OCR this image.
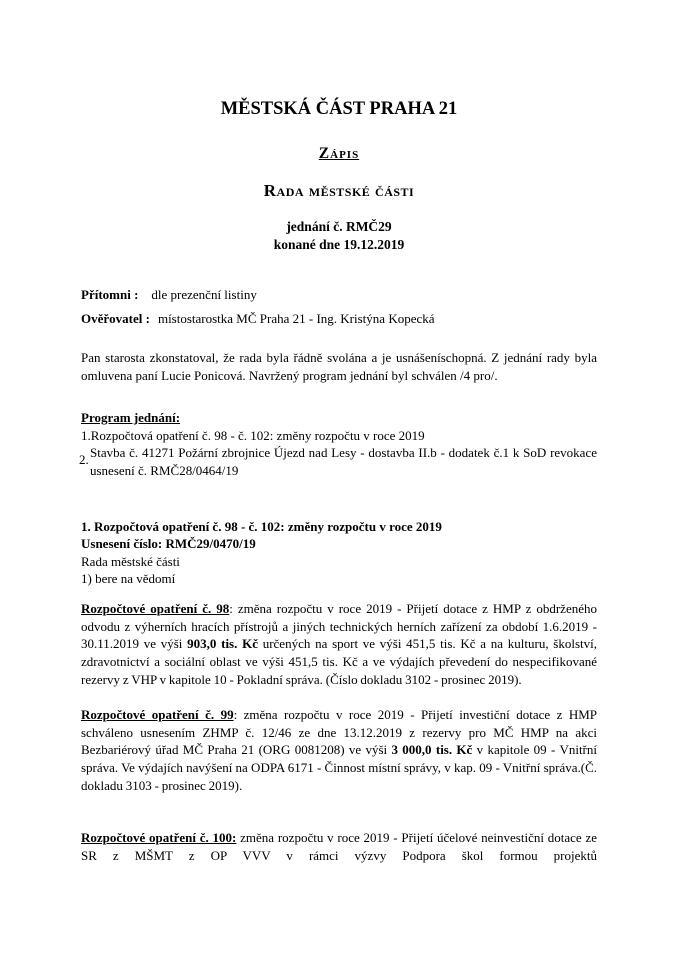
MĚSTSKÁ ČÁST PRAHA 21
Zápis
Rada městské části
jednání č. RMČ29
konané dne 19.12.2019
Přítomni : dle prezenční listiny
Ověřovatel : místostarostka MČ Praha 21 - Ing. Kristýna Kopecká

Pan starosta zkonstatoval, že rada byla řádně svolána a je usnášeníschopná. Z jednání rady byla omluvena paní Lucie Ponicová. Navržený program jednání byl schválen /4 pro/.

Program jednání:
1.Rozpočtová opatření č. 98 - č. 102: změny rozpočtu v roce 2019
2. Stavba č. 41271 Požární zbrojnice Újezd nad Lesy - dostavba II.b - dodatek č.1 k SoD revokace usnesení č. RMČ28/0464/19
1. Rozpočtová opatření č. 98 - č. 102: změny rozpočtu v roce 2019
Usnesení číslo: RMČ29/0470/19
Rada městské části
1) bere na vědomí

Rozpočtové opatření č. 98: změna rozpočtu v roce 2019 - Přijetí dotace z HMP z obdrženého odvodu z výherních hracích přístrojů a jiných technických herních zařízení za období 1.6.2019 - 30.11.2019 ve výši 903,0 tis. Kč určených na sport ve výši 451,5 tis. Kč a na kulturu, školství, zdravotnictví a sociální oblast ve výši 451,5 tis. Kč a ve výdajích převedení do nespecifikované rezervy z VHP v kapitole 10 - Pokladní správa. (Číslo dokladu 3102 - prosinec 2019).

Rozpočtové opatření č. 99: změna rozpočtu v roce 2019 - Přijetí investiční dotace z HMP schváleno usnesením ZHMP č. 12/46 ze dne 13.12.2019 z rezervy pro MČ HMP na akci Bezbariérový úřad MČ Praha 21 (ORG 0081208) ve výši 3 000,0 tis. Kč v kapitole 09 - Vnitřní správa. Ve výdajích navýšení na ODPA 6171 - Činnost místní správy, v kap. 09 - Vnitřní správa.(Č. dokladu 3103 - prosinec 2019).

Rozpočtové opatření č. 100: změna rozpočtu v roce 2019 - Přijetí účelové neinvestiční dotace ze SR z MŠMT z OP VVV v rámci výzvy Podpora škol formou projektů
